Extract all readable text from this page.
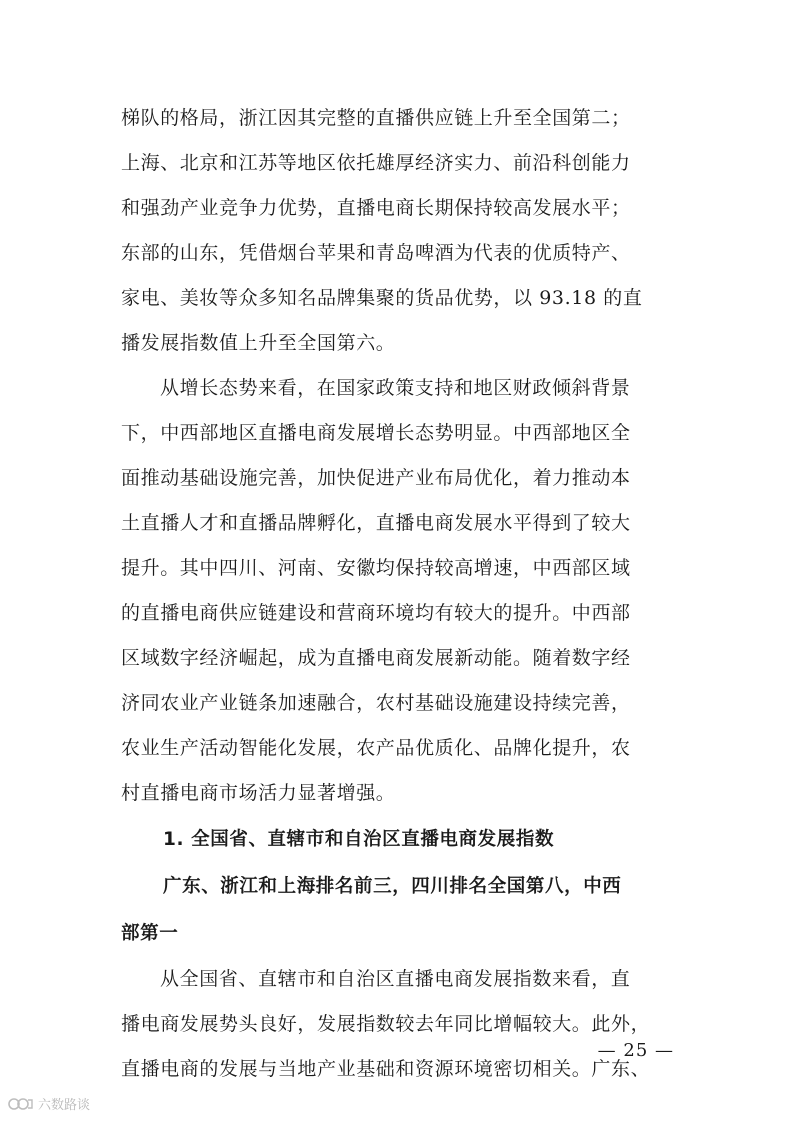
梯队的格局，浙江因其完整的直播供应链上升至全国第二；
上海、北京和江苏等地区依托雄厚经济实力、前沿科创能力
和强劲产业竞争力优势，直播电商长期保持较高发展水平；
东部的山东，凭借烟台苹果和青岛啤酒为代表的优质特产、
家电、美妆等众多知名品牌集聚的货品优势，以 93.18 的直
播发展指数值上升至全国第六。
从增长态势来看，在国家政策支持和地区财政倾斜背景
下，中西部地区直播电商发展增长态势明显。中西部地区全
面推动基础设施完善，加快促进产业布局优化，着力推动本
土直播人才和直播品牌孵化，直播电商发展水平得到了较大
提升。其中四川、河南、安徽均保持较高增速，中西部区域
的直播电商供应链建设和营商环境均有较大的提升。中西部
区域数字经济崛起，成为直播电商发展新动能。随着数字经
济同农业产业链条加速融合，农村基础设施建设持续完善，
农业生产活动智能化发展，农产品优质化、品牌化提升，农
村直播电商市场活力显著增强。
1. 全国省、直辖市和自治区直播电商发展指数
广东、浙江和上海排名前三，四川排名全国第八，中西
部第一
从全国省、直辖市和自治区直播电商发展指数来看，直
播电商发展势头良好，发展指数较去年同比增幅较大。此外，
直播电商的发展与当地产业基础和资源环境密切相关。广东、
— 25 —
六数路谈
